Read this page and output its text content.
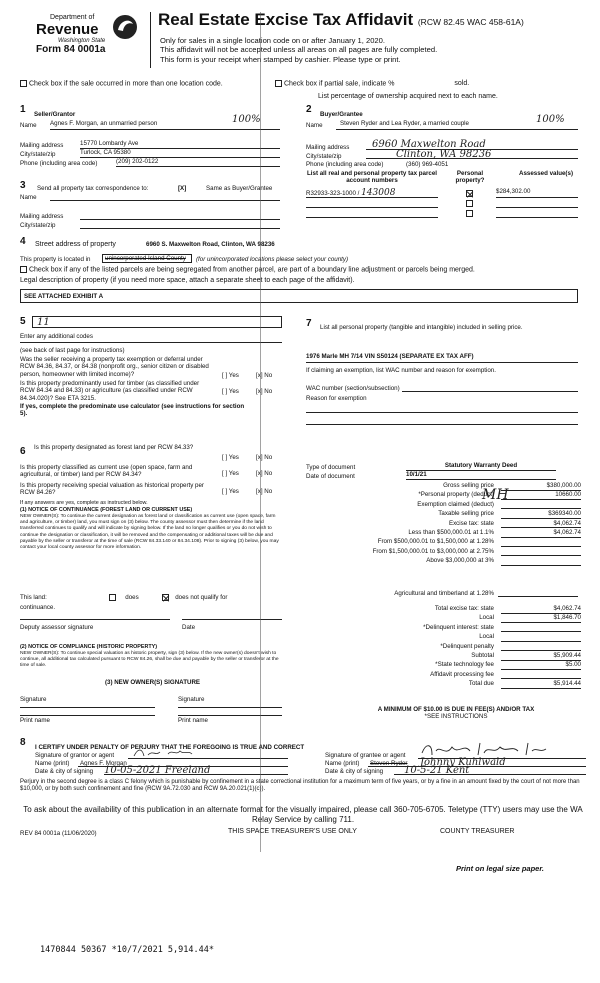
Department of
Revenue
Washington State
Form 84 0001a
Real Estate Excise Tax Affidavit (RCW 82.45 WAC 458-61A)
Only for sales in a single location code on or after January 1, 2020.
This affidavit will not be accepted unless all areas on all pages are fully completed.
This form is your receipt when stamped by cashier. Please type or print.
Check box if the sale occurred in more than one location code.	Check box if partial sale, indicate %	sold.
List percentage of ownership acquired next to each name.
1 Seller/Grantor
Name Agnes F. Morgan, an unmarried person	100%
Mailing address	15770 Lombardy Ave
City/state/zip	Turlock, CA 95380
Phone (including area code)	(209) 202-0122
2 Buyer/Grantee
Name	Steven Ryder and Lea Ryder, a married couple	100%
Mailing address	6960 Maxwelton Road
City/state/zip	Clinton, WA 98236
Phone (including area code)	(360) 969-4051
List all real and personal property tax parcel account numbers
Personal property?
Assessed value(s)
R32933-323-1000 / 143008	$284,302.00
3 Send all property tax correspondence to:	[X]	Same as Buyer/Grantee
Name
Mailing address
City/state/zip
4 Street address of property	6960 S. Maxwelton Road, Clinton, WA 98236
This property is located in	unincorporated Island County	(for unincorporated locations please select your county)
Check box if any of the listed parcels are being segregated from another parcel, are part of a boundary line adjustment or parcels being merged.
Legal description of property (if you need more space, attach a separate sheet to each page of the affidavit).
SEE ATTACHED EXHIBIT A
5	11
Enter any additional codes
(see back of last page for instructions)
Was the seller receiving a property tax exemption or deferral under RCW 84.36, 84.37, or 84.38 (nonprofit org., senior citizen or disabled person, homeowner with limited income)?	[ ] Yes	[x] No
Is this property predominantly used for timber (as classified under RCW 84.34 and 84.33) or agriculture (as classified under RCW 84.34.020)? See ETA 3215.
[ ] Yes	[x] No
If yes, complete the predominate use calculator (see instructions for section 5).
6 Is this property designated as forest land per RCW 84.33?
[ ] Yes	[x] No
Is this property classified as current use (open space, farm and agricultural, or timber) land per RCW 84.34?	[ ] Yes	[x] No
Is this property receiving special valuation as historical property per RCW 84.26?	[ ] Yes	[x] No
If any answers are yes, complete as instructed below.
(1) NOTICE OF CONTINUANCE (FOREST LAND OR CURRENT USE)
NEW OWNER(S): To continue the current designation as forest land or classification as current use (open space, farm and agriculture, or timber) land, you must sign on (3) below. The county assessor must then determine if the land transferred continues to qualify and will indicate by signing below. If the land no longer qualifies or you do not wish to continue the designation or classification, it will be removed and the compensating or additional taxes will be due and payable by the seller or transferor at the time of sale (RCW 84.33.140 or 84.34.108). Prior to signing (3) below, you may contact your local county assessor for more information.
This land:	does	does not qualify for
continuance.
Deputy assessor signature	Date
(2) NOTICE OF COMPLIANCE (HISTORIC PROPERTY)
NEW OWNER(S): To continue special valuation as historic property, sign (3) below. If the new owner(s) doesn't wish to continue, all additional tax calculated pursuant to RCW 84.26, shall be due and payable by the seller or transferor at the time of sale.
(3) NEW OWNER(S) SIGNATURE
Signature	Signature
Print name	Print name
7 List all personal property (tangible and intangible) included in selling price.
1976 Marle MH 7/14 VIN S50124 (SEPARATE EX TAX AFF)
If claiming an exemption, list WAC number and reason for exemption.
WAC number (section/subsection)
Reason for exemption
Type of document	Statutory Warranty Deed
Date of document	10/1/21
MH
Gross selling price	$380,000.00
*Personal property (deduct)	10660.00
Exemption claimed (deduct)
Taxable selling price	$369340.00
Excise tax: state	$4,062.74
Less than $500,000.01 at 1.1%	$4,062.74
From $500,000.01 to $1,500,000 at 1.28%
From $1,500,000.01 to $3,000,000 at 2.75%
Above $3,000,000 at 3%
Agricultural and timberland at 1.28%
Total excise tax: state	$4,062.74
Local	$1,846.70
*Delinquent interest: state
Local
*Delinquent penalty
Subtotal	$5,909.44
*State technology fee	$5.00
Affidavit processing fee
Total due	$5,914.44
A MINIMUM OF $10.00 IS DUE IN FEE(S) AND/OR TAX
*SEE INSTRUCTIONS
8 I CERTIFY UNDER PENALTY OF PERJURY THAT THE FOREGOING IS TRUE AND CORRECT
Signature of grantor or agent	Signature of grantee or agent
Name (print) Agnes F. Morgan	Name (print) Steven Ryder Johnny Kuhlwald
Date & city of signing 10-05-2021 Freeland	Date & city of signing	10-5-21 Kent
Perjury in the second degree is a class C felony which is punishable by confinement in a state correctional institution for a maximum term of five years, or by a fine in an amount fixed by the court of not more than $10,000, or by both such confinement and fine (RCW 9A.72.030 and RCW 9A.20.021(1)(c)).
To ask about the availability of this publication in an alternate format for the visually impaired, please call 360-705-6705. Teletype (TTY) users may use the WA Relay Service by calling 711.
REV 84 0001a (11/06/2020)	THIS SPACE TREASURER'S USE ONLY	COUNTY TREASURER
Print on legal size paper.
1470844 50367 *10/7/2021 5,914.44*
